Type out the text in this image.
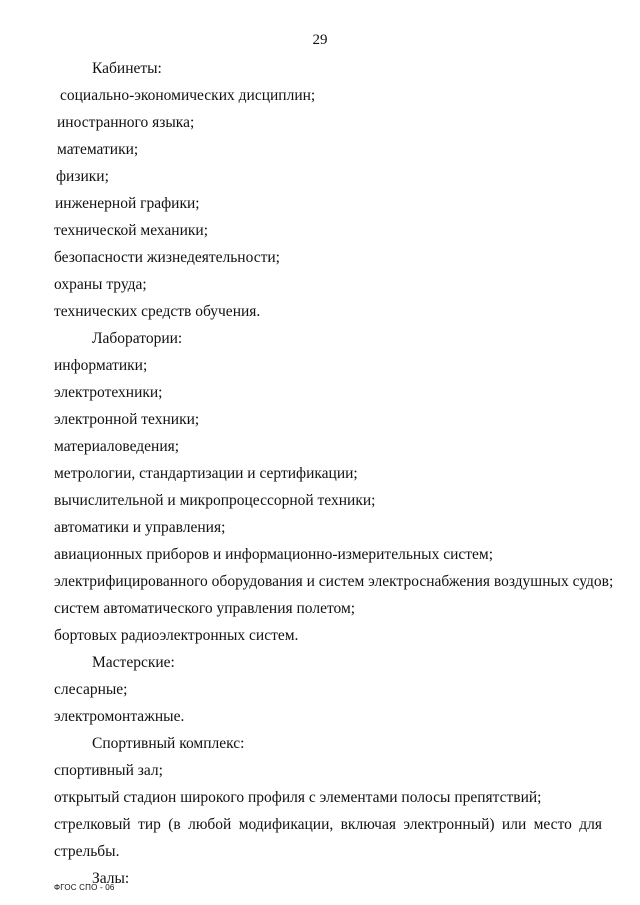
29
Кабинеты:
социально-экономических дисциплин;
иностранного языка;
математики;
физики;
инженерной графики;
технической механики;
безопасности жизнедеятельности;
охраны труда;
технических средств обучения.
Лаборатории:
информатики;
электротехники;
электронной техники;
материаловедения;
метрологии, стандартизации и сертификации;
вычислительной и микропроцессорной техники;
автоматики и управления;
авиационных приборов и информационно-измерительных систем;
электрифицированного оборудования и систем электроснабжения воздушных судов;
систем автоматического управления полетом;
бортовых радиоэлектронных систем.
Мастерские:
слесарные;
электромонтажные.
Спортивный комплекс:
спортивный зал;
открытый стадион широкого профиля с элементами полосы препятствий;
стрелковый тир (в любой модификации, включая электронный) или место для
стрельбы.
Залы:
ФГОС СПО - 06
